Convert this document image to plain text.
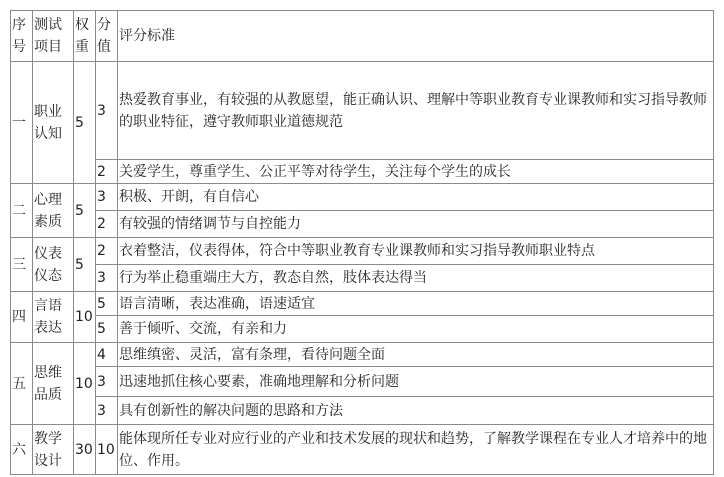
序号	测试项目	权重	分值	评分标准
一	职业认知	5	3	热爱教育事业，有较强的从教愿望，能正确认识、理解中等职业教育专业课教师和实习指导教师的职业特征，遵守教师职业道德规范
			2	关爱学生，尊重学生、公正平等对待学生，关注每个学生的成长
二	心理素质	5	3	积极、开朗，有自信心
			2	有较强的情绪调节与自控能力
三	仪表仪态	5	2	衣着整洁，仪表得体，符合中等职业教育专业课教师和实习指导教师职业特点
			3	行为举止稳重端庄大方，教态自然，肢体表达得当
四	言语表达	10	5	语言清晰，表达准确，语速适宜
			5	善于倾听、交流，有亲和力
五	思维品质	10	4	思维缜密、灵活，富有条理，看待问题全面
			3	迅速地抓住核心要素，准确地理解和分析问题
			3	具有创新性的解决问题的思路和方法
六	教学设计	30	10	能体现所任专业对应行业的产业和技术发展的现状和趋势，了解教学课程在专业人才培养中的地位、作用。
